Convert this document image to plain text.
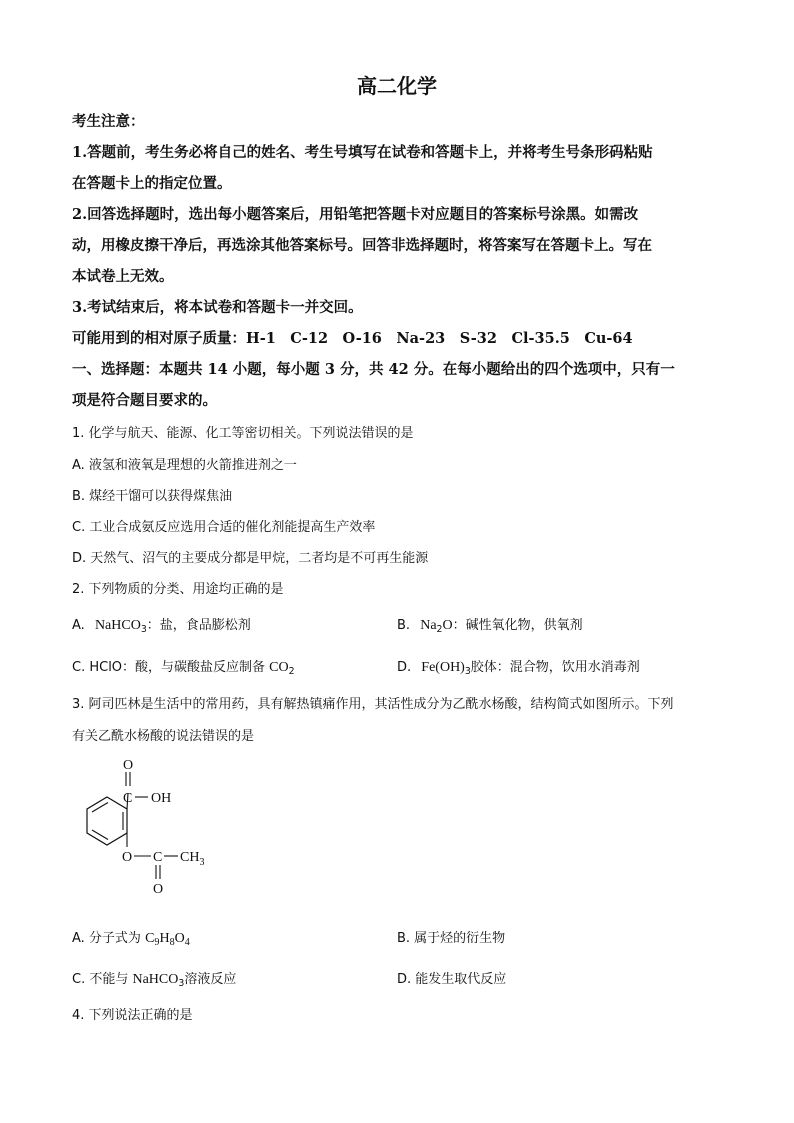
高二化学
考生注意：
1.答题前，考生务必将自己的姓名、考生号填写在试卷和答题卡上，并将考生号条形码粘贴
在答题卡上的指定位置。
2.回答选择题时，选出每小题答案后，用铅笔把答题卡对应题目的答案标号涂黑。如需改
动，用橡皮擦干净后，再选涂其他答案标号。回答非选择题时，将答案写在答题卡上。写在
本试卷上无效。
3.考试结束后，将本试卷和答题卡一并交回。
可能用到的相对原子质量：H-1　C-12　O-16　Na-23　S-32　Cl-35.5　Cu-64
一、选择题：本题共 14 小题，每小题 3 分，共 42 分。在每小题给出的四个选项中，只有一
项是符合题目要求的。
1. 化学与航天、能源、化工等密切相关。下列说法错误的是
A. 液氢和液氧是理想的火箭推进剂之一
B. 煤经干馏可以获得煤焦油
C. 工业合成氨反应选用合适的催化剂能提高生产效率
D. 天然气、沼气的主要成分都是甲烷，二者均是不可再生能源
2. 下列物质的分类、用途均正确的是
A. NaHCO$_3$：盐，食品膨松剂	B. $Na_2O$：碱性氧化物，供氧剂
C. HClO：酸，与碳酸盐反应制备 $CO_2$	D. $Fe(OH)_3$胶体：混合物，饮用水消毒剂
3. 阿司匹林是生活中的常用药，具有解热镇痛作用，其活性成分为乙酰水杨酸，结构简式如图所示。下列
有关乙酰水杨酸的说法错误的是
C
O
OH
O C $CH_3$
O
A. 分子式为 $C_9H_8O_4$	B. 属于烃的衍生物
C. 不能与 NaHCO$_3$溶液反应	D. 能发生取代反应
4. 下列说法正确的是
